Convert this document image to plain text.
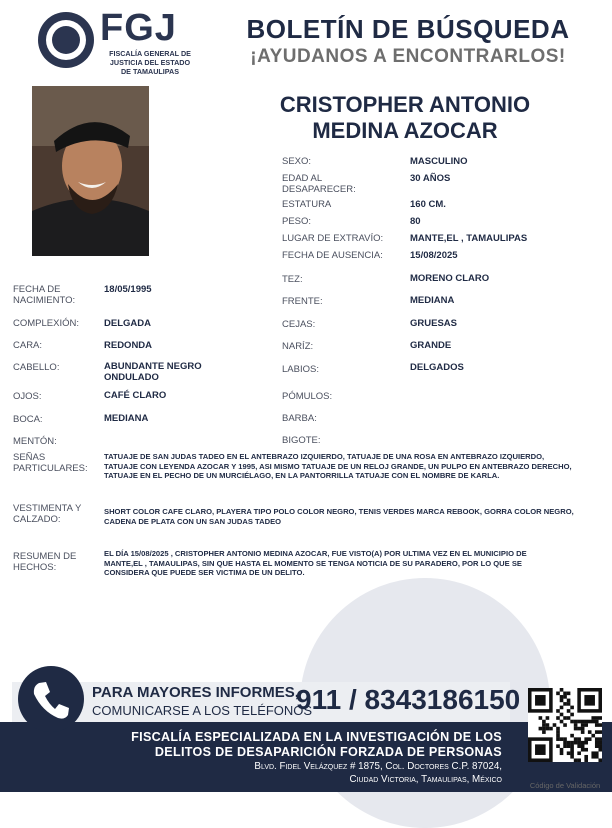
FGJ
FISCALÍA GENERAL DE
JUSTICIA DEL ESTADO
DE TAMAULIPAS
BOLETÍN DE BÚSQUEDA
¡AYUDANOS A ENCONTRARLOS!
CRISTOPHER ANTONIO
MEDINA AZOCAR
SEXO:	MASCULINO
EDAD AL DESAPARECER:
30 AÑOS
ESTATURA	160 CM.
PESO:	80
LUGAR DE EXTRAVÍO:	MANTE,EL , TAMAULIPAS
FECHA DE AUSENCIA:	15/08/2025
TEZ:	MORENO CLARO
FRENTE:	MEDIANA
CEJAS:	GRUESAS
NARÍZ:	GRANDE
LABIOS:	DELGADOS
PÓMULOS:
BARBA:
BIGOTE:
FECHA DE NACIMIENTO:
18/05/1995
COMPLEXIÓN:	DELGADA
CARA:	REDONDA
CABELLO:	ABUNDANTE NEGRO ONDULADO
OJOS:	CAFÉ CLARO
BOCA:	MEDIANA
MENTÓN:
SEÑAS PARTICULARES:
TATUAJE DE SAN JUDAS TADEO EN EL ANTEBRAZO IZQUIERDO, TATUAJE DE UNA ROSA EN ANTEBRAZO IZQUIERDO, TATUAJE CON LEYENDA AZOCAR Y 1995, ASI MISMO TATUAJE DE UN RELOJ GRANDE, UN PULPO EN ANTEBRAZO DERECHO, TATUAJE EN EL PECHO DE UN MURCIÉLAGO, EN LA PANTORRILLA TATUAJE CON EL NOMBRE DE KARLA.
VESTIMENTA Y CALZADO:
SHORT COLOR CAFE CLARO, PLAYERA TIPO POLO COLOR NEGRO, TENIS VERDES MARCA REBOOK, GORRA COLOR NEGRO, CADENA DE PLATA CON UN SAN JUDAS TADEO
RESUMEN DE HECHOS:
EL DÍA 15/08/2025 , CRISTOPHER ANTONIO MEDINA AZOCAR, FUE VISTO(A) POR ULTIMA VEZ EN EL MUNICIPIO DE MANTE,EL , TAMAULIPAS, SIN QUE HASTA EL MOMENTO SE TENGA NOTICIA DE SU PARADERO, POR LO QUE SE CONSIDERA QUE PUEDE SER VICTIMA DE UN DELITO.
PARA MAYORES INFORMES,
COMUNICARSE A LOS TELÉFONOS
911 / 8343186150
FISCALÍA ESPECIALIZADA EN LA INVESTIGACIÓN DE LOS
DELITOS DE DESAPARICIÓN FORZADA DE PERSONAS
Blvd. Fidel Velázquez # 1875, Col. Doctores C.P. 87024,
Ciudad Victoria, Tamaulipas, México
Código de Validación
